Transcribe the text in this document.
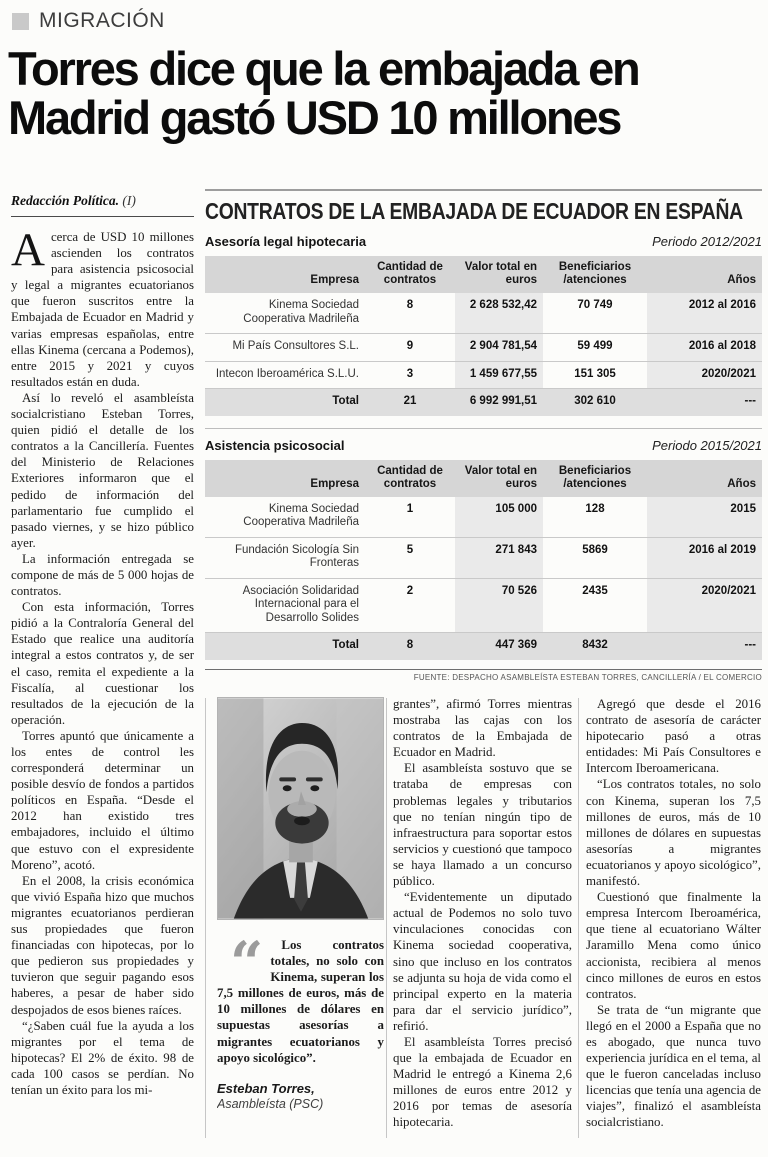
MIGRACIÓN
Torres dice que la embajada en
Madrid gastó USD 10 millones
Redacción Política. (I)

Acerca de USD 10 millones ascienden los contratos para asistencia psicosocial y legal a migrantes ecuatorianos que fueron suscritos entre la Embajada de Ecuador en Madrid y varias empresas españolas, entre ellas Kinema (cercana a Podemos), entre 2015 y 2021 y cuyos resultados están en duda.

Así lo reveló el asambleísta socialcristiano Esteban Torres, quien pidió el detalle de los contratos a la Cancillería. Fuentes del Ministerio de Relaciones Exteriores informaron que el pedido de información del parlamentario fue cumplido el pasado viernes, y se hizo público ayer.

La información entregada se compone de más de 5 000 hojas de contratos.

Con esta información, Torres pidió a la Contraloría General del Estado que realice una auditoría integral a estos contratos y, de ser el caso, remita el expediente a la Fiscalía, al cuestionar los resultados de la ejecución de la operación.

Torres apuntó que únicamente a los entes de control les corresponderá determinar un posible desvío de fondos a partidos políticos en España. “Desde el 2012 han existido tres embajadores, incluido el último que estuvo con el expresidente Moreno”, acotó.

En el 2008, la crisis económica que vivió España hizo que muchos migrantes ecuatorianos perdieran sus propiedades que fueron financiadas con hipotecas, por lo que pedieron sus propiedades y tuvieron que seguir pagando esos haberes, a pesar de haber sido despojados de esos bienes raíces.

“¿Saben cuál fue la ayuda a los migrantes por el tema de hipotecas? El 2% de éxito. 98 de cada 100 casos se perdían. No tenían un éxito para los mi-

CONTRATOS DE LA EMBAJADA DE ECUADOR EN ESPAÑA
Asesoría legal hipotecaria	Periodo 2012/2021
Empresa	Cantidad de contratos	Valor total en euros	Beneficiarios /atenciones	Años
Kinema Sociedad Cooperativa Madrileña	8	2 628 532,42	70 749	2012 al 2016
Mi País Consultores S.L.	9	2 904 781,54	59 499	2016 al 2018
Intecon Iberoamérica S.L.U.	3	1 459 677,55	151 305	2020/2021
Total	21	6 992 991,51	302 610	---
Asistencia psicosocial	Periodo 2015/2021
Empresa	Cantidad de contratos	Valor total en euros	Beneficiarios /atenciones	Años
Kinema Sociedad Cooperativa Madrileña	1	105 000	128	2015
Fundación Sicología Sin Fronteras	5	271 843	5869	2016 al 2019
Asociación Solidaridad Internacional para el Desarrollo Solides	2	70 526	2435	2020/2021
Total	8	447 369	8432	---
FUENTE: DESPACHO ASAMBLEÍSTA ESTEBAN TORRES, CANCILLERÍA / EL COMERCIO

“ Los contratos totales, no solo con Kinema, superan los 7,5 millones de euros, más de 10 millones de dólares en supuestas asesorías a migrantes ecuatorianos y apoyo sicológico”.

Esteban Torres,
Asambleísta (PSC)

grantes”, afirmó Torres mientras mostraba las cajas con los contratos de la Embajada de Ecuador en Madrid.

El asambleísta sostuvo que se trataba de empresas con problemas legales y tributarios que no tenían ningún tipo de infraestructura para soportar estos servicios y cuestionó que tampoco se haya llamado a un concurso público.

“Evidentemente un diputado actual de Podemos no solo tuvo vinculaciones conocidas con Kinema sociedad cooperativa, sino que incluso en los contratos se adjunta su hoja de vida como el principal experto en la materia para dar el servicio jurídico”, refirió.

El asambleísta Torres precisó que la embajada de Ecuador en Madrid le entregó a Kinema 2,6 millones de euros entre 2012 y 2016 por temas de asesoría hipotecaria.

Agregó que desde el 2016 contrato de asesoría de carácter hipotecario pasó a otras entidades: Mi País Consultores e Intercom Iberoamericana.

“Los contratos totales, no solo con Kinema, superan los 7,5 millones de euros, más de 10 millones de dólares en supuestas asesorías a migrantes ecuatorianos y apoyo sicológico”, manifestó.

Cuestionó que finalmente la empresa Intercom Iberoamérica, que tiene al ecuatoriano Wálter Jaramillo Mena como único accionista, recibiera al menos cinco millones de euros en estos contratos.

Se trata de “un migrante que llegó en el 2000 a España que no es abogado, que nunca tuvo experiencia jurídica en el tema, al que le fueron canceladas incluso licencias que tenía una agencia de viajes”, finalizó el asambleísta socialcristiano.
